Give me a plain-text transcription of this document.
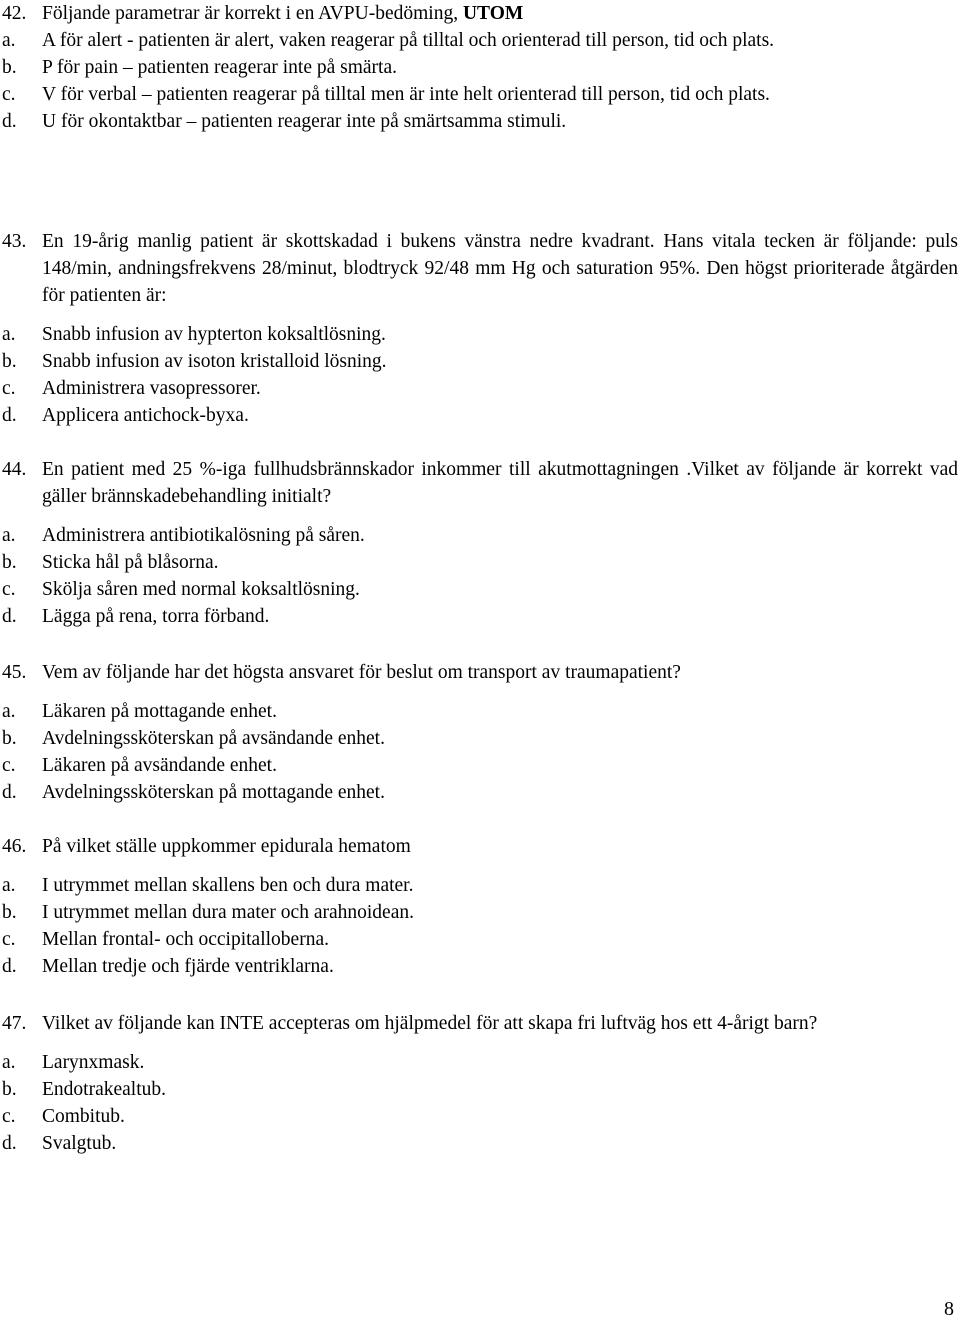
42. Följande parametrar är korrekt i en AVPU-bedöming, UTOM
a.	A för alert - patienten är alert, vaken reagerar på tilltal och orienterad till person, tid och plats.
b.	P för pain – patienten reagerar inte på smärta.
c.	V för verbal – patienten reagerar på tilltal men är inte helt orienterad till person, tid och plats.
d.	U för okontaktbar – patienten reagerar inte på smärtsamma stimuli.
43. En 19-årig manlig patient är skottskadad i bukens vänstra nedre kvadrant. Hans vitala tecken är följande: puls 148/min, andningsfrekvens 28/minut, blodtryck 92/48 mm Hg och saturation 95%. Den högst prioriterade åtgärden för patienten är:
a.	Snabb infusion av hypterton koksaltlösning.
b.	Snabb infusion av isoton kristalloid lösning.
c.	Administrera vasopressorer.
d.	Applicera antichock-byxa.
44. En patient med 25 %-iga fullhudsbrännskador inkommer till akutmottagningen .Vilket av följande är korrekt vad gäller brännskadebehandling initialt?
a.	Administrera antibiotikalösning på såren.
b.	Sticka hål på blåsorna.
c.	Skölja såren med normal koksaltlösning.
d.	Lägga på rena, torra förband.
45. Vem av följande har det högsta ansvaret för beslut om transport av traumapatient?
a.	Läkaren på mottagande enhet.
b.	Avdelningssköterskan på avsändande enhet.
c.	Läkaren på avsändande enhet.
d.	Avdelningssköterskan på mottagande enhet.
46. På vilket ställe uppkommer epidurala hematom
a.	I utrymmet mellan skallens ben och dura mater.
b.	I utrymmet mellan dura mater och arahnoidean.
c.	Mellan frontal- och occipitalloberna.
d.	Mellan tredje och fjärde ventriklarna.
47. Vilket av följande kan INTE accepteras om hjälpmedel för att skapa fri luftväg hos ett 4-årigt barn?
a.	Larynxmask.
b.	Endotrakealtub.
c.	Combitub.
d.	Svalgtub.
8
